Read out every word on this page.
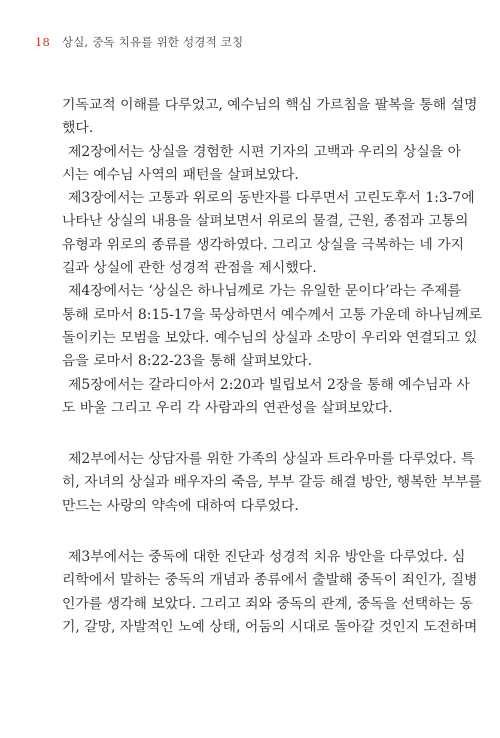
18 상실, 중독 치유를 위한 성경적 코칭
기독교적 이해를 다루었고, 예수님의 핵심 가르침을 팔복을 통해 설명
했다.
제2장에서는 상실을 경험한 시편 기자의 고백과 우리의 상실을 아
시는 예수님 사역의 패턴을 살펴보았다.
제3장에서는 고통과 위로의 동반자를 다루면서 고린도후서 1:3-7에
나타난 상실의 내용을 살펴보면서 위로의 물결, 근원, 종점과 고통의
유형과 위로의 종류를 생각하였다. 그리고 상실을 극복하는 네 가지
길과 상실에 관한 성경적 관점을 제시했다.
제4장에서는 ‘상실은 하나님께로 가는 유일한 문이다’라는 주제를
통해 로마서 8:15-17을 묵상하면서 예수께서 고통 가운데 하나님께로
돌이키는 모범을 보았다. 예수님의 상실과 소망이 우리와 연결되고 있
음을 로마서 8:22-23을 통해 살펴보았다.
제5장에서는 갈라디아서 2:20과 빌립보서 2장을 통해 예수님과 사
도 바울 그리고 우리 각 사람과의 연관성을 살펴보았다.
제2부에서는 상담자를 위한 가족의 상실과 트라우마를 다루었다. 특
히, 자녀의 상실과 배우자의 죽음, 부부 갈등 해결 방안, 행복한 부부를
만드는 사랑의 약속에 대하여 다루었다.
제3부에서는 중독에 대한 진단과 성경적 치유 방안을 다루었다. 심
리학에서 말하는 중독의 개념과 종류에서 출발해 중독이 죄인가, 질병
인가를 생각해 보았다. 그리고 죄와 중독의 관계, 중독을 선택하는 동
기, 갈망, 자발적인 노예 상태, 어둠의 시대로 돌아갈 것인지 도전하며
